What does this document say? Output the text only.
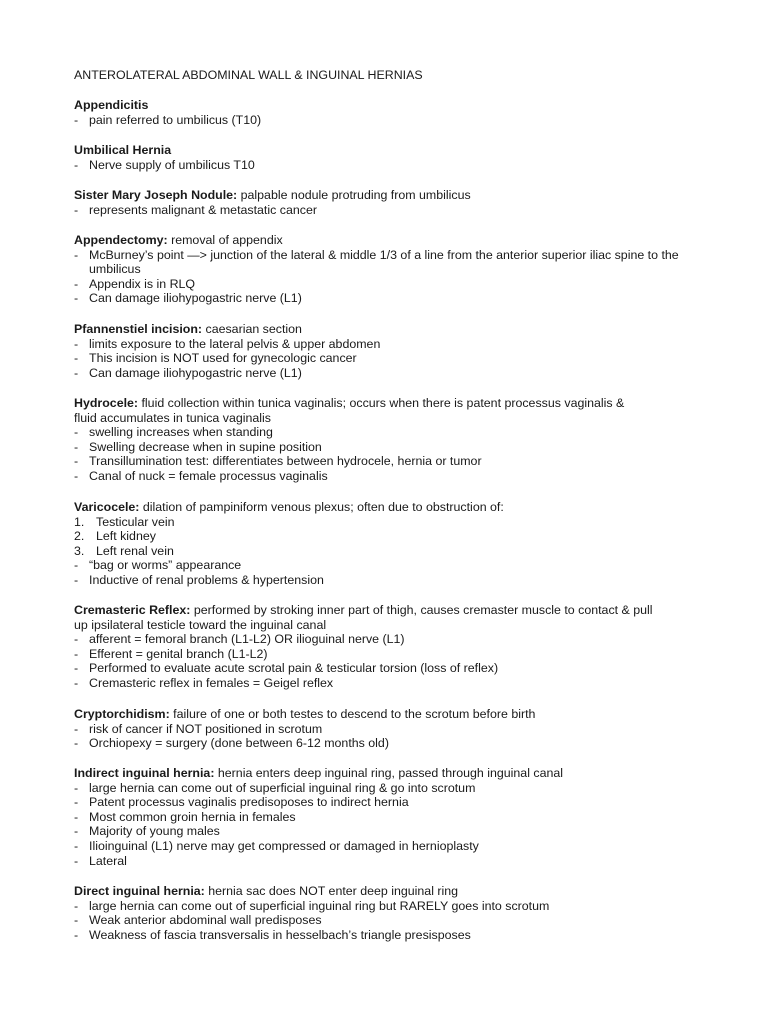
ANTEROLATERAL ABDOMINAL WALL & INGUINAL HERNIAS
Appendicitis
- pain referred to umbilicus (T10)
Umbilical Hernia
- Nerve supply of umbilicus T10
Sister Mary Joseph Nodule: palpable nodule protruding from umbilicus
- represents malignant & metastatic cancer
Appendectomy: removal of appendix
- McBurney’s point —> junction of the lateral & middle 1/3 of a line from the anterior superior iliac spine to the umbilicus
- Appendix is in RLQ
- Can damage iliohypogastric nerve (L1)
Pfannenstiel incision: caesarian section
- limits exposure to the lateral pelvis & upper abdomen
- This incision is NOT used for gynecologic cancer
- Can damage iliohypogastric nerve (L1)
Hydrocele: fluid collection within tunica vaginalis; occurs when there is patent processus vaginalis & fluid accumulates in tunica vaginalis
- swelling increases when standing
- Swelling decrease when in supine position
- Transillumination test: differentiates between hydrocele, hernia or tumor
- Canal of nuck = female processus vaginalis
Varicocele: dilation of pampiniform venous plexus; often due to obstruction of:
1. Testicular vein
2. Left kidney
3. Left renal vein
- “bag or worms” appearance
- Inductive of renal problems & hypertension
Cremasteric Reflex: performed by stroking inner part of thigh, causes cremaster muscle to contact & pull up ipsilateral testicle toward the inguinal canal
- afferent = femoral branch (L1-L2) OR ilioguinal nerve (L1)
- Efferent = genital branch (L1-L2)
- Performed to evaluate acute scrotal pain & testicular torsion (loss of reflex)
- Cremasteric reflex in females = Geigel reflex
Cryptorchidism: failure of one or both testes to descend to the scrotum before birth
- risk of cancer if NOT positioned in scrotum
- Orchiopexy = surgery (done between 6-12 months old)
Indirect inguinal hernia: hernia enters deep inguinal ring, passed through inguinal canal
- large hernia can come out of superficial inguinal ring & go into scrotum
- Patent processus vaginalis predisoposes to indirect hernia
- Most common groin hernia in females
- Majority of young males
- Ilioinguinal (L1) nerve may get compressed or damaged in hernioplasty
- Lateral
Direct inguinal hernia: hernia sac does NOT enter deep inguinal ring
- large hernia can come out of superficial inguinal ring but RARELY goes into scrotum
- Weak anterior abdominal wall predisposes
- Weakness of fascia transversalis in hesselbach’s triangle presisposes
